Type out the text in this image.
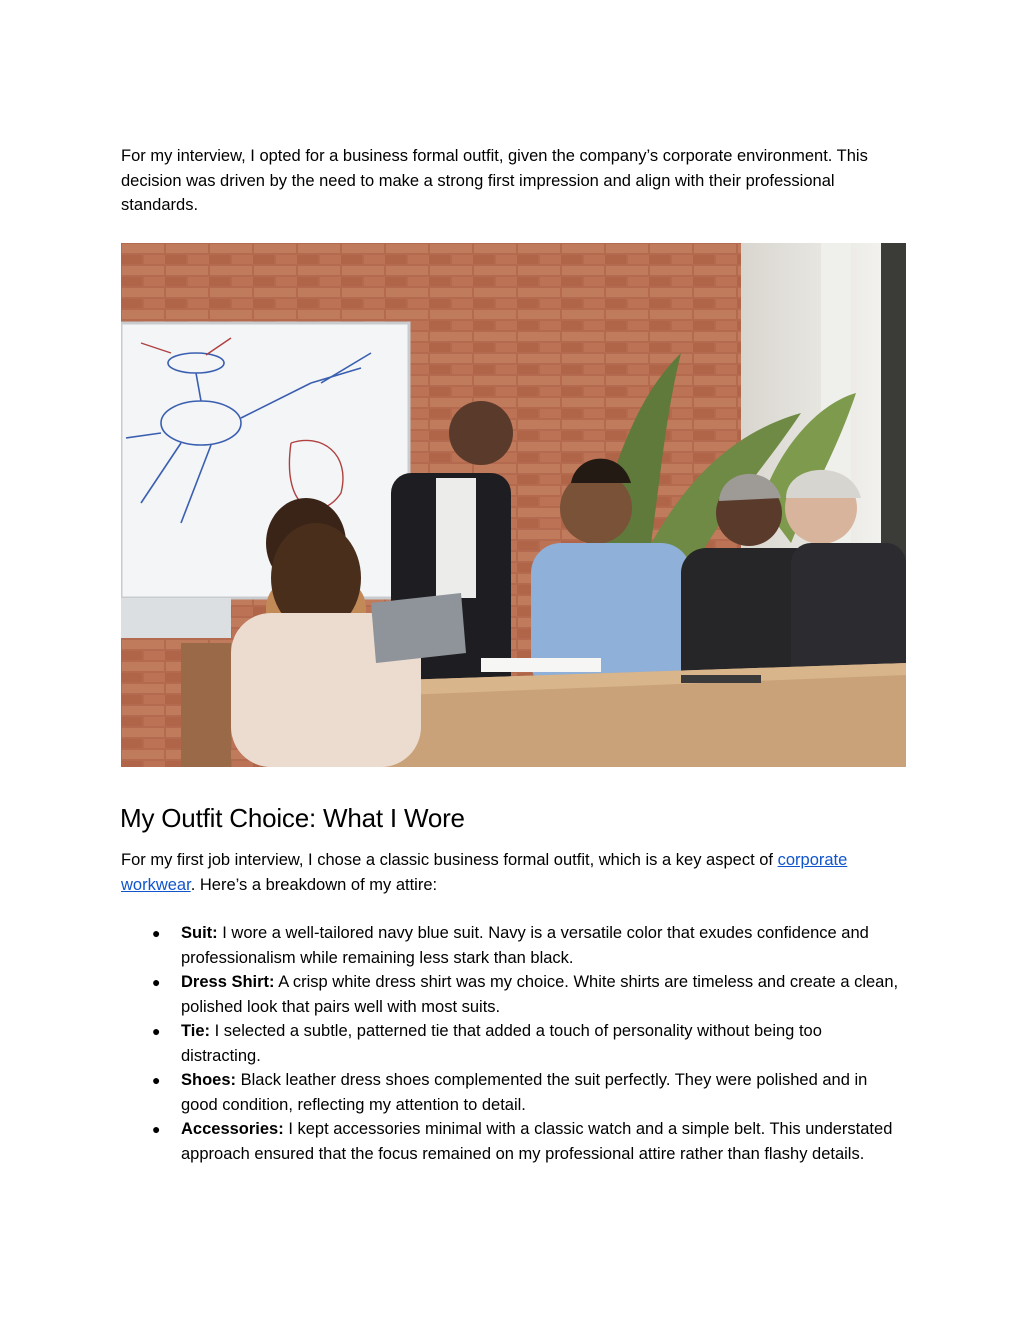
For my interview, I opted for a business formal outfit, given the company’s corporate environment. This decision was driven by the need to make a strong first impression and align with their professional standards.

My Outfit Choice: What I Wore

For my first job interview, I chose a classic business formal outfit, which is a key aspect of corporate workwear. Here’s a breakdown of my attire:

● Suit: I wore a well-tailored navy blue suit. Navy is a versatile color that exudes confidence and professionalism while remaining less stark than black.
● Dress Shirt: A crisp white dress shirt was my choice. White shirts are timeless and create a clean, polished look that pairs well with most suits.
● Tie: I selected a subtle, patterned tie that added a touch of personality without being too distracting.
● Shoes: Black leather dress shoes complemented the suit perfectly. They were polished and in good condition, reflecting my attention to detail.
● Accessories: I kept accessories minimal with a classic watch and a simple belt. This understated approach ensured that the focus remained on my professional attire rather than flashy details.
